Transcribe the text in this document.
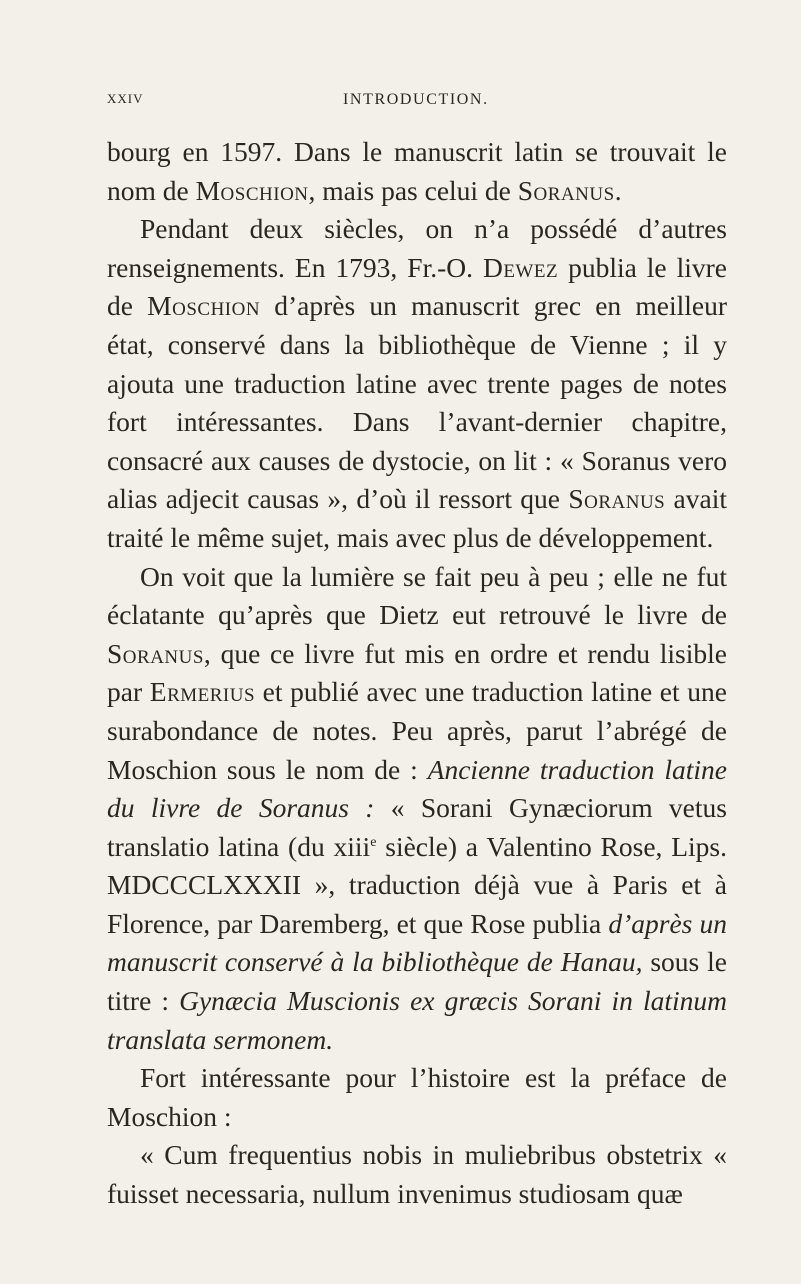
XXIV	INTRODUCTION.

bourg en 1597. Dans le manuscrit latin se trouvait le nom de Moschion, mais pas celui de Soranus.

Pendant deux siècles, on n’a possédé d’autres renseignements. En 1793, Fr.-O. Dewez publia le livre de Moschion d’après un manuscrit grec en meilleur état, conservé dans la bibliothèque de Vienne ; il y ajouta une traduction latine avec trente pages de notes fort intéressantes. Dans l’avant-dernier chapitre, consacré aux causes de dystocie, on lit : « Soranus vero alias adjecit causas », d’où il ressort que Soranus avait traité le même sujet, mais avec plus de développement.

On voit que la lumière se fait peu à peu ; elle ne fut éclatante qu’après que Dietz eut retrouvé le livre de Soranus, que ce livre fut mis en ordre et rendu lisible par Ermerius et publié avec une traduction latine et une surabondance de notes. Peu après, parut l’abrégé de Moschion sous le nom de : Ancienne traduction latine du livre de Soranus : « Sorani Gynæciorum vetus translatio latina (du xiii$^e$ siècle) a Valentino Rose, Lips. MDCCCLXXXII », traduction déjà vue à Paris et à Florence, par Daremberg, et que Rose publia d’après un manuscrit conservé à la bibliothèque de Hanau, sous le titre : Gynæcia Muscionis ex græcis Sorani in latinum translata sermonem.

Fort intéressante pour l’histoire est la préface de Moschion :

« Cum frequentius nobis in muliebribus obstetrix « fuisset necessaria, nullum invenimus studiosam quæ
